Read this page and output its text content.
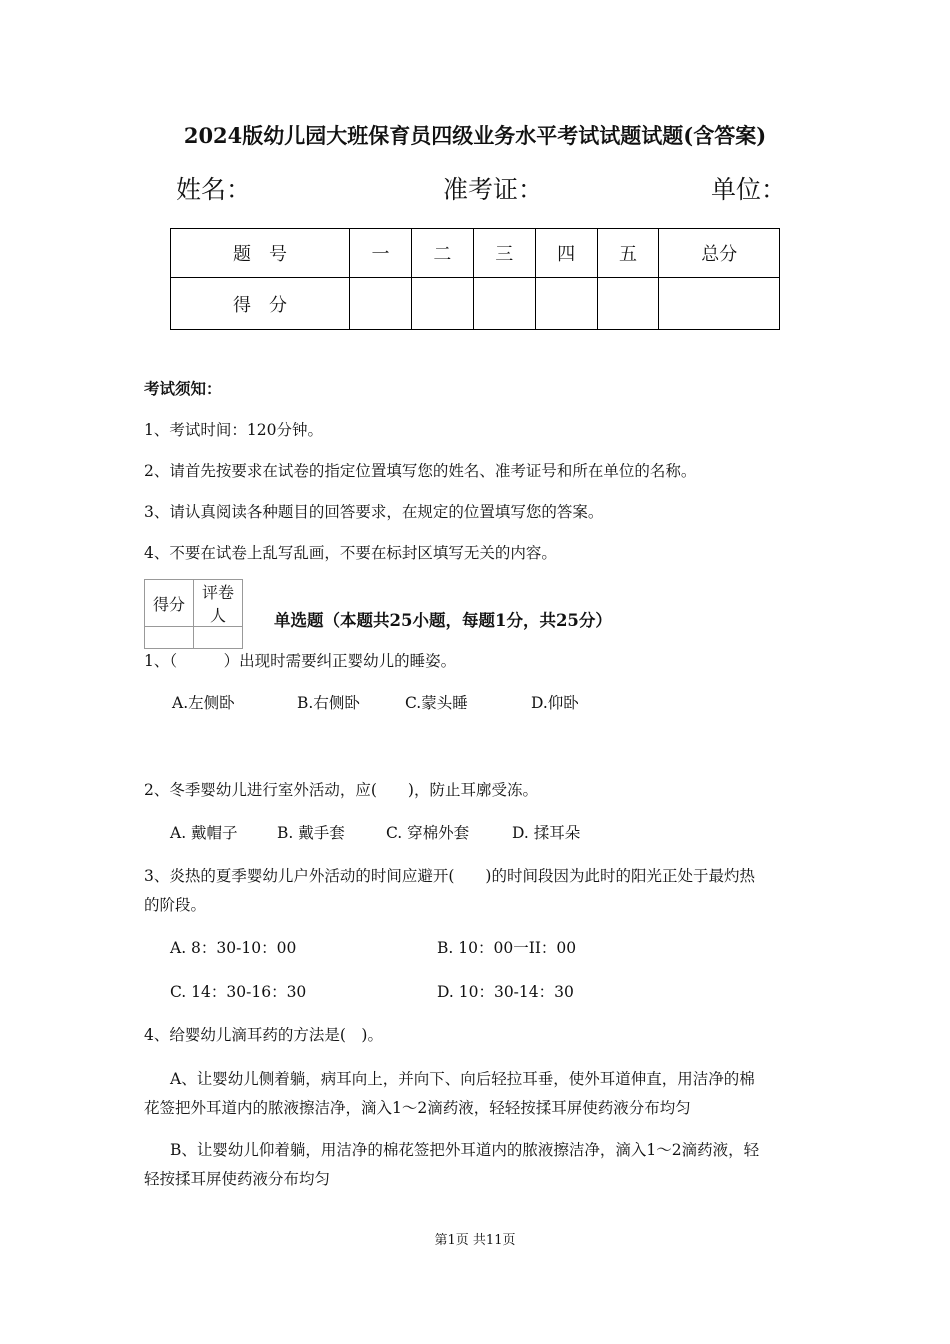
2024版幼儿园大班保育员四级业务水平考试试题试题(含答案)
姓名：	准考证：	单位：
题　号	一	二	三	四	五	总分
得　分						
考试须知：
1、考试时间：120分钟。
2、请首先按要求在试卷的指定位置填写您的姓名、准考证号和所在单位的名称。
3、请认真阅读各种题目的回答要求，在规定的位置填写您的答案。
4、不要在试卷上乱写乱画，不要在标封区填写无关的内容。
得分	评卷人
		单选题（本题共25小题，每题1分，共25分）
1、（　　　）出现时需要纠正婴幼儿的睡姿。
A.左侧卧	B.右侧卧	C.蒙头睡	D.仰卧
2、冬季婴幼儿进行室外活动，应(　　)，防止耳廓受冻。
A. 戴帽子	B. 戴手套	C. 穿棉外套	D. 揉耳朵
3、炎热的夏季婴幼儿户外活动的时间应避开(　　)的时间段因为此时的阳光正处于最灼热
的阶段。
A. 8：30-10：00	B. 10：00一II：00
C. 14：30-16：30	D. 10：30-14：30
4、给婴幼儿滴耳药的方法是(　)。
A、让婴幼儿侧着躺，病耳向上，并向下、向后轻拉耳垂，使外耳道伸直，用洁净的棉
花签把外耳道内的脓液擦洁净，滴入1～2滴药液，轻轻按揉耳屏使药液分布均匀
B、让婴幼儿仰着躺，用洁净的棉花签把外耳道内的脓液擦洁净，滴入1～2滴药液，轻
轻按揉耳屏使药液分布均匀
第1页 共11页
